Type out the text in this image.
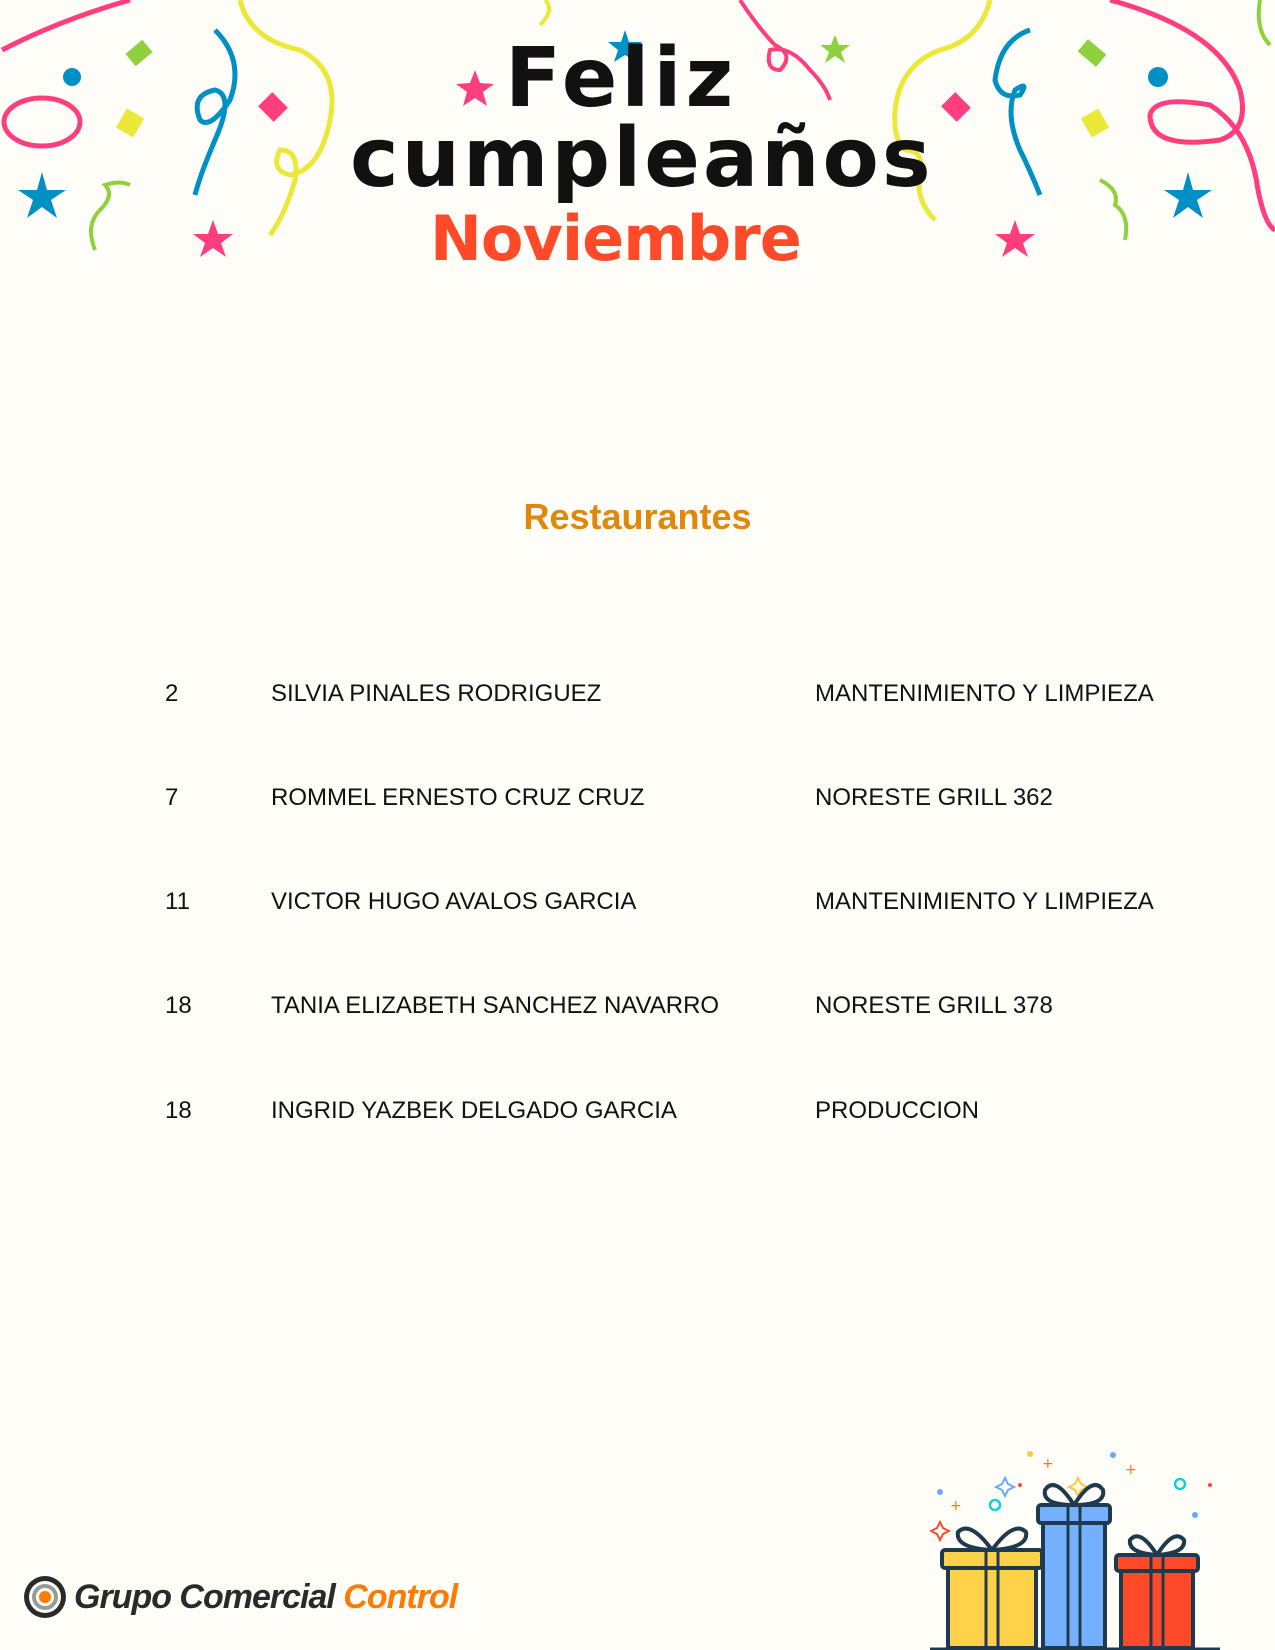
Feliz
cumpleaños
Noviembre
Restaurantes
2	SILVIA PINALES RODRIGUEZ	MANTENIMIENTO Y LIMPIEZA
7	ROMMEL ERNESTO CRUZ CRUZ	NORESTE GRILL 362
11	VICTOR HUGO AVALOS GARCIA	MANTENIMIENTO Y LIMPIEZA
18	TANIA ELIZABETH SANCHEZ NAVARRO	NORESTE GRILL 378
18	INGRID YAZBEK DELGADO GARCIA	PRODUCCION
Grupo Comercial Control
+	+
+
